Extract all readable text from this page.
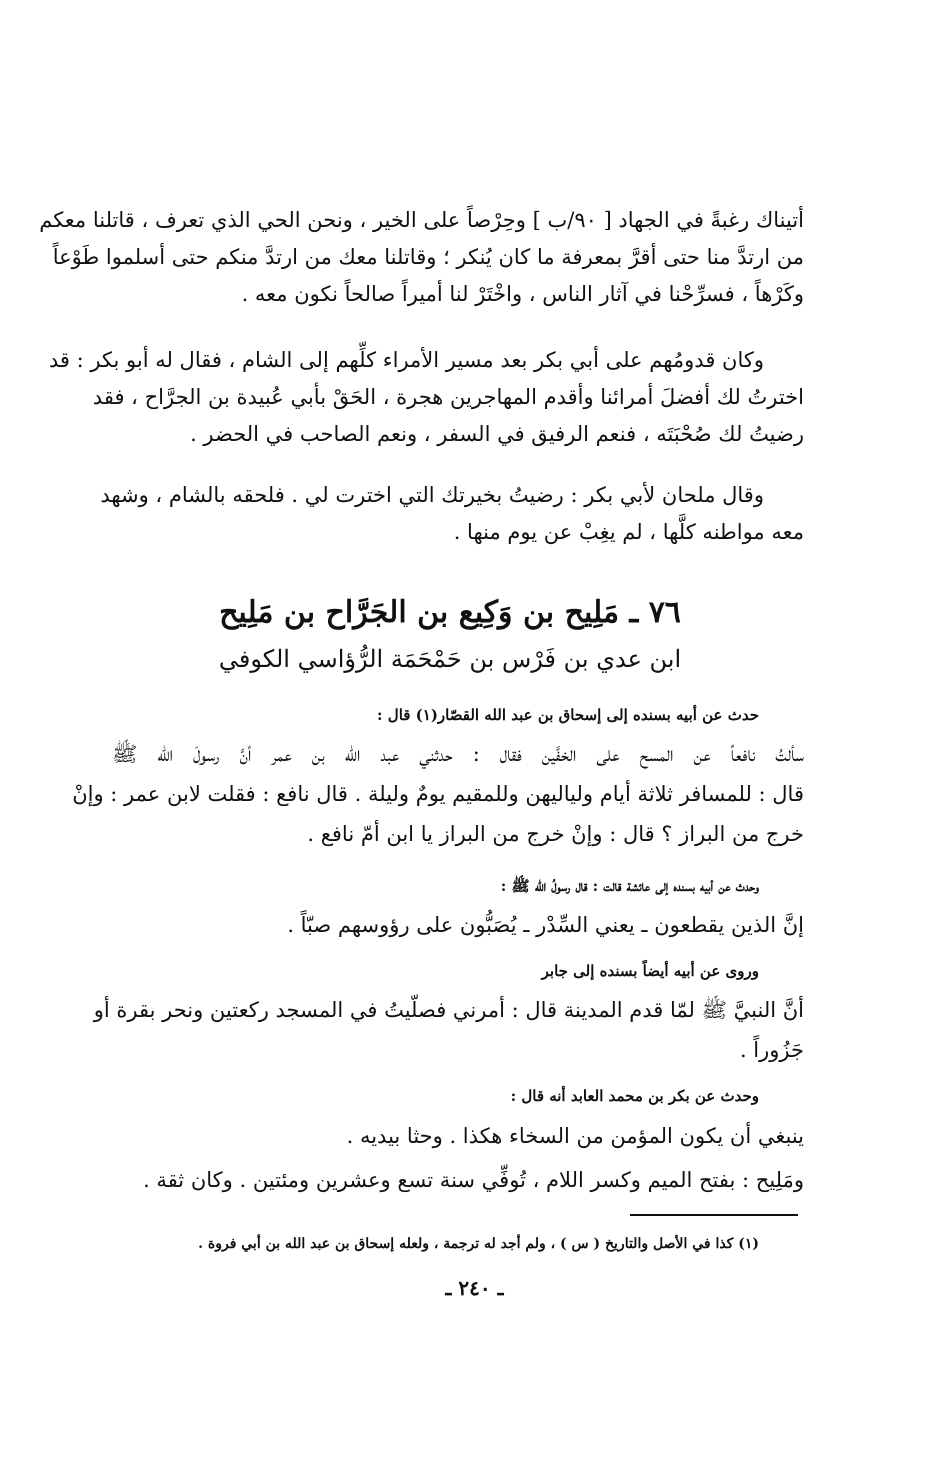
أتيناك رغبةً في الجهاد [ ٩٠/ب ] وحِرْصاً على الخير ، ونحن الحي الذي تعرف ، قاتلنا معكم
من ارتدَّ منا حتى أقرَّ بمعرفة ما كان يُنكر ؛ وقاتلنا معك من ارتدَّ منكم حتى أسلموا طَوْعاً
وكَرْهاً ، فسرِّحْنا في آثار الناس ، واخْتَرْ لنا أميراً صالحاً نكون معه .
وكان قدومُهم على أبي بكر بعد مسير الأمراء كلِّهم إلى الشام ، فقال له أبو بكر : قد
اخترتُ لك أفضلَ أمرائنا وأقدم المهاجرين هجرة ، الحَقْ بأبي عُبيدة بن الجرَّاح ، فقد
رضيتُ لك صُحْبَتَه ، فنعم الرفيق في السفر ، ونعم الصاحب في الحضر .
وقال ملحان لأبي بكر : رضيتُ بخيرتك التي اخترت لي . فلحقه بالشام ، وشهد
معه مواطنه كلَّها ، لم يغِبْ عن يوم منها .
٧٦ ـ مَلِيح بن وَكِيع بن الجَرَّاح بن مَلِيح
ابن عدي بن فَرْس بن حَمْحَمَة الرُّؤاسي الكوفي
حدث عن أبيه بسنده إلى إسحاق بن عبد الله القصّار(١) قال :
سألتُ نافعاً عن المسح على الخفَّين فقال : حدثني عبد الله بن عمر أنَّ رسولَ الله ﷺ
قال : للمسافر ثلاثة أيام ولياليهن وللمقيم يومٌ وليلة . قال نافع : فقلت لابن عمر : وإنْ
خرج من البراز ؟ قال : وإنْ خرج من البراز يا ابن أمّ نافع .
وحدث عن أبيه بسنده إلى عائشة قالت : قال رسولُ الله ﷺ :
إنَّ الذين يقطعون ـ يعني السِّدْر ـ يُصَبُّون على رؤوسهم صبّاً .
وروى عن أبيه أيضاً بسنده إلى جابر
أنَّ النبيَّ ﷺ لمّا قدم المدينة قال : أمرني فصلّيتُ في المسجد ركعتين ونحر بقرة أو
جَزُوراً .
وحدث عن بكر بن محمد العابد أنه قال :
ينبغي أن يكون المؤمن من السخاء هكذا . وحثا بيديه .
ومَلِيح : بفتح الميم وكسر اللام ، تُوفِّي سنة تسع وعشرين ومئتين . وكان ثقة .
(١) كذا في الأصل والتاريخ ( س ) ، ولم أجد له ترجمة ، ولعله إسحاق بن عبد الله بن أبي فروة .
ـ ٢٤٠ ـ
